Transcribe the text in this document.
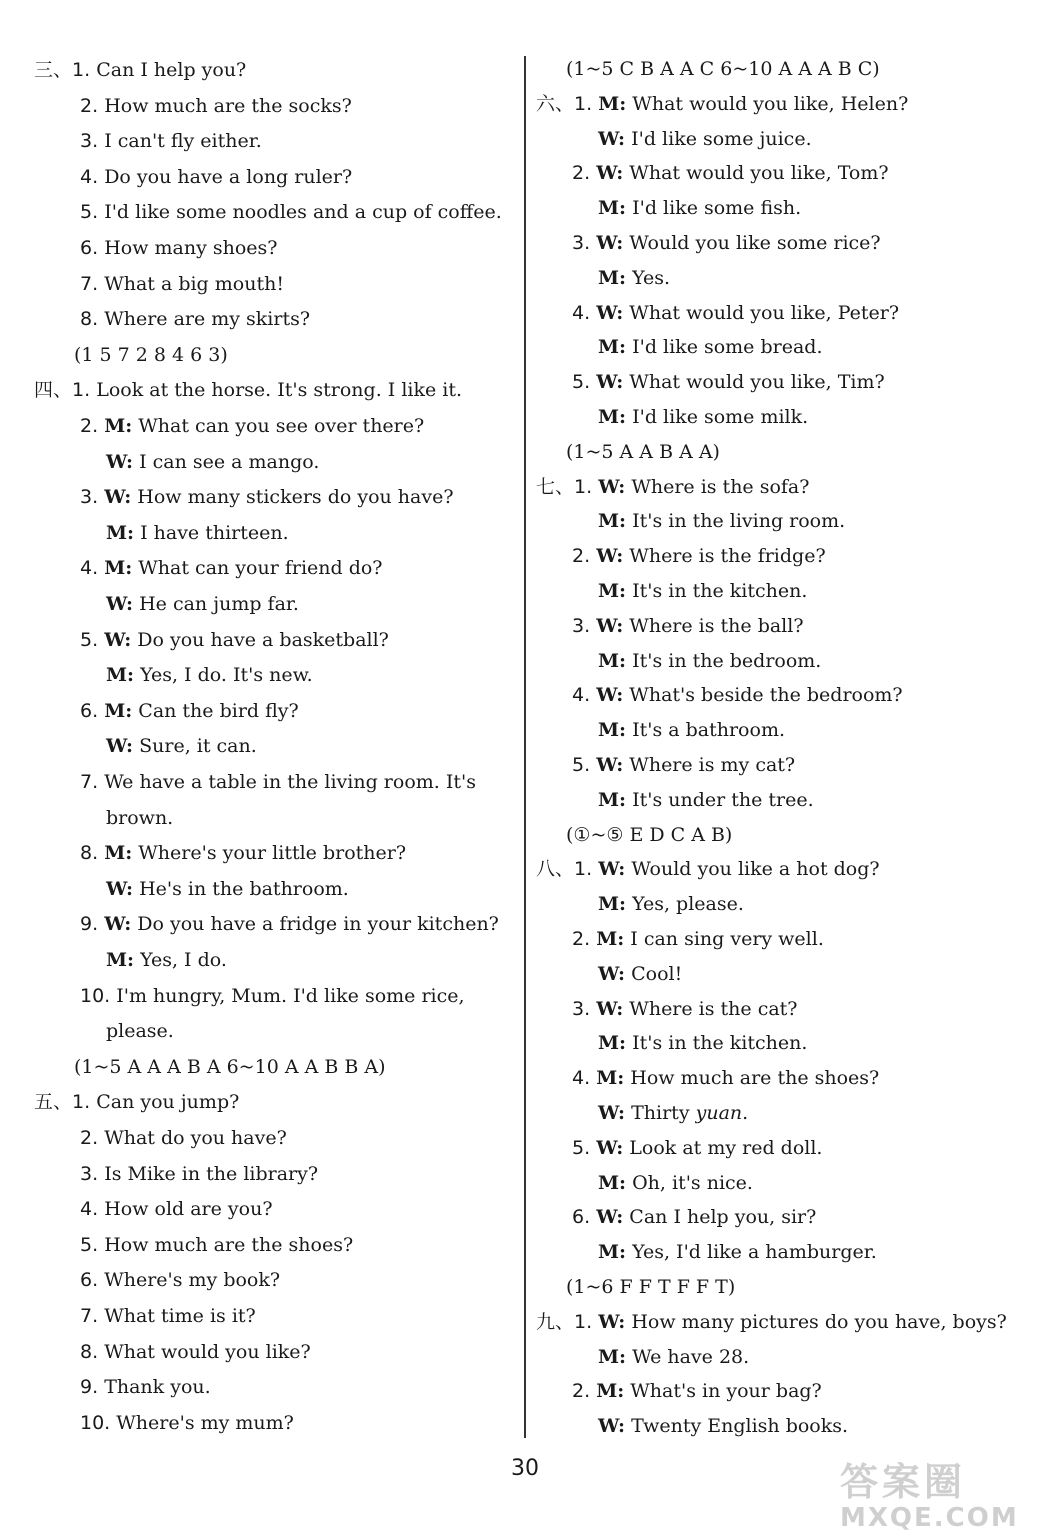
三、1. Can I help you?
2. How much are the socks?
3. I can't fly either.
4. Do you have a long ruler?
5. I'd like some noodles and a cup of coffee.
6. How many shoes?
7. What a big mouth!
8. Where are my skirts?
(1 5 7 2 8 4 6 3)
四、1. Look at the horse. It's strong. I like it.
2. M: What can you see over there?
W: I can see a mango.
3. W: How many stickers do you have?
M: I have thirteen.
4. M: What can your friend do?
W: He can jump far.
5. W: Do you have a basketball?
M: Yes, I do. It's new.
6. M: Can the bird fly?
W: Sure, it can.
7. We have a table in the living room. It's
brown.
8. M: Where's your little brother?
W: He's in the bathroom.
9. W: Do you have a fridge in your kitchen?
M: Yes, I do.
10. I'm hungry, Mum. I'd like some rice,
please.
(1~5 A A A B A 6~10 A A B B A)
五、1. Can you jump?
2. What do you have?
3. Is Mike in the library?
4. How old are you?
5. How much are the shoes?
6. Where's my book?
7. What time is it?
8. What would you like?
9. Thank you.
10. Where's my mum?
(1~5 C B A A C 6~10 A A A B C)
六、1. M: What would you like, Helen?
W: I'd like some juice.
2. W: What would you like, Tom?
M: I'd like some fish.
3. W: Would you like some rice?
M: Yes.
4. W: What would you like, Peter?
M: I'd like some bread.
5. W: What would you like, Tim?
M: I'd like some milk.
(1~5 A A B A A)
七、1. W: Where is the sofa?
M: It's in the living room.
2. W: Where is the fridge?
M: It's in the kitchen.
3. W: Where is the ball?
M: It's in the bedroom.
4. W: What's beside the bedroom?
M: It's a bathroom.
5. W: Where is my cat?
M: It's under the tree.
(①~⑤ E D C A B)
八、1. W: Would you like a hot dog?
M: Yes, please.
2. M: I can sing very well.
W: Cool!
3. W: Where is the cat?
M: It's in the kitchen.
4. M: How much are the shoes?
W: Thirty yuan.
5. W: Look at my red doll.
M: Oh, it's nice.
6. W: Can I help you, sir?
M: Yes, I'd like a hamburger.
(1~6 F F T F F T)
九、1. W: How many pictures do you have, boys?
M: We have 28.
2. M: What's in your bag?
W: Twenty English books.
30	答案圈
MXQE.COM
